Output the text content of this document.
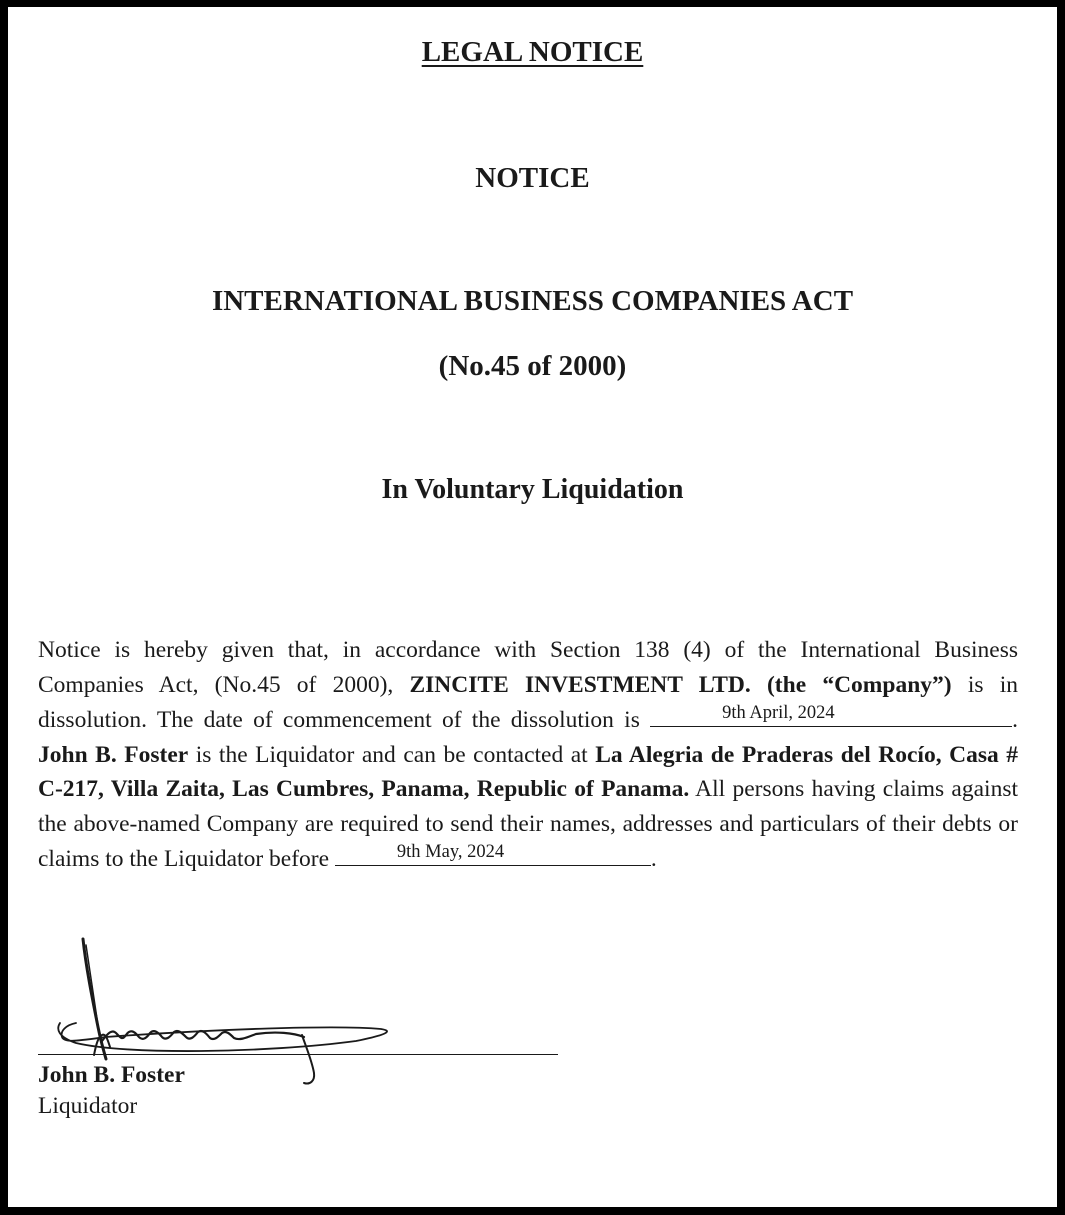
LEGAL NOTICE
NOTICE
INTERNATIONAL BUSINESS COMPANIES ACT
(No.45 of 2000)
In Voluntary Liquidation

Notice is hereby given that, in accordance with Section 138 (4) of the International Business Companies Act, (No.45 of 2000), ZINCITE INVESTMENT LTD. (the “Company”) is in dissolution. The date of commencement of the dissolution is	9th April, 2024	. John B. Foster is the Liquidator and can be contacted at La Alegria de Praderas del Rocío, Casa # C-217, Villa Zaita, Las Cumbres, Panama, Republic of Panama. All persons having claims against the above-named Company are required to send their names, addresses and particulars of their debts or claims to the Liquidator before	9th May, 2024	.

John B. Foster

Liquidator
